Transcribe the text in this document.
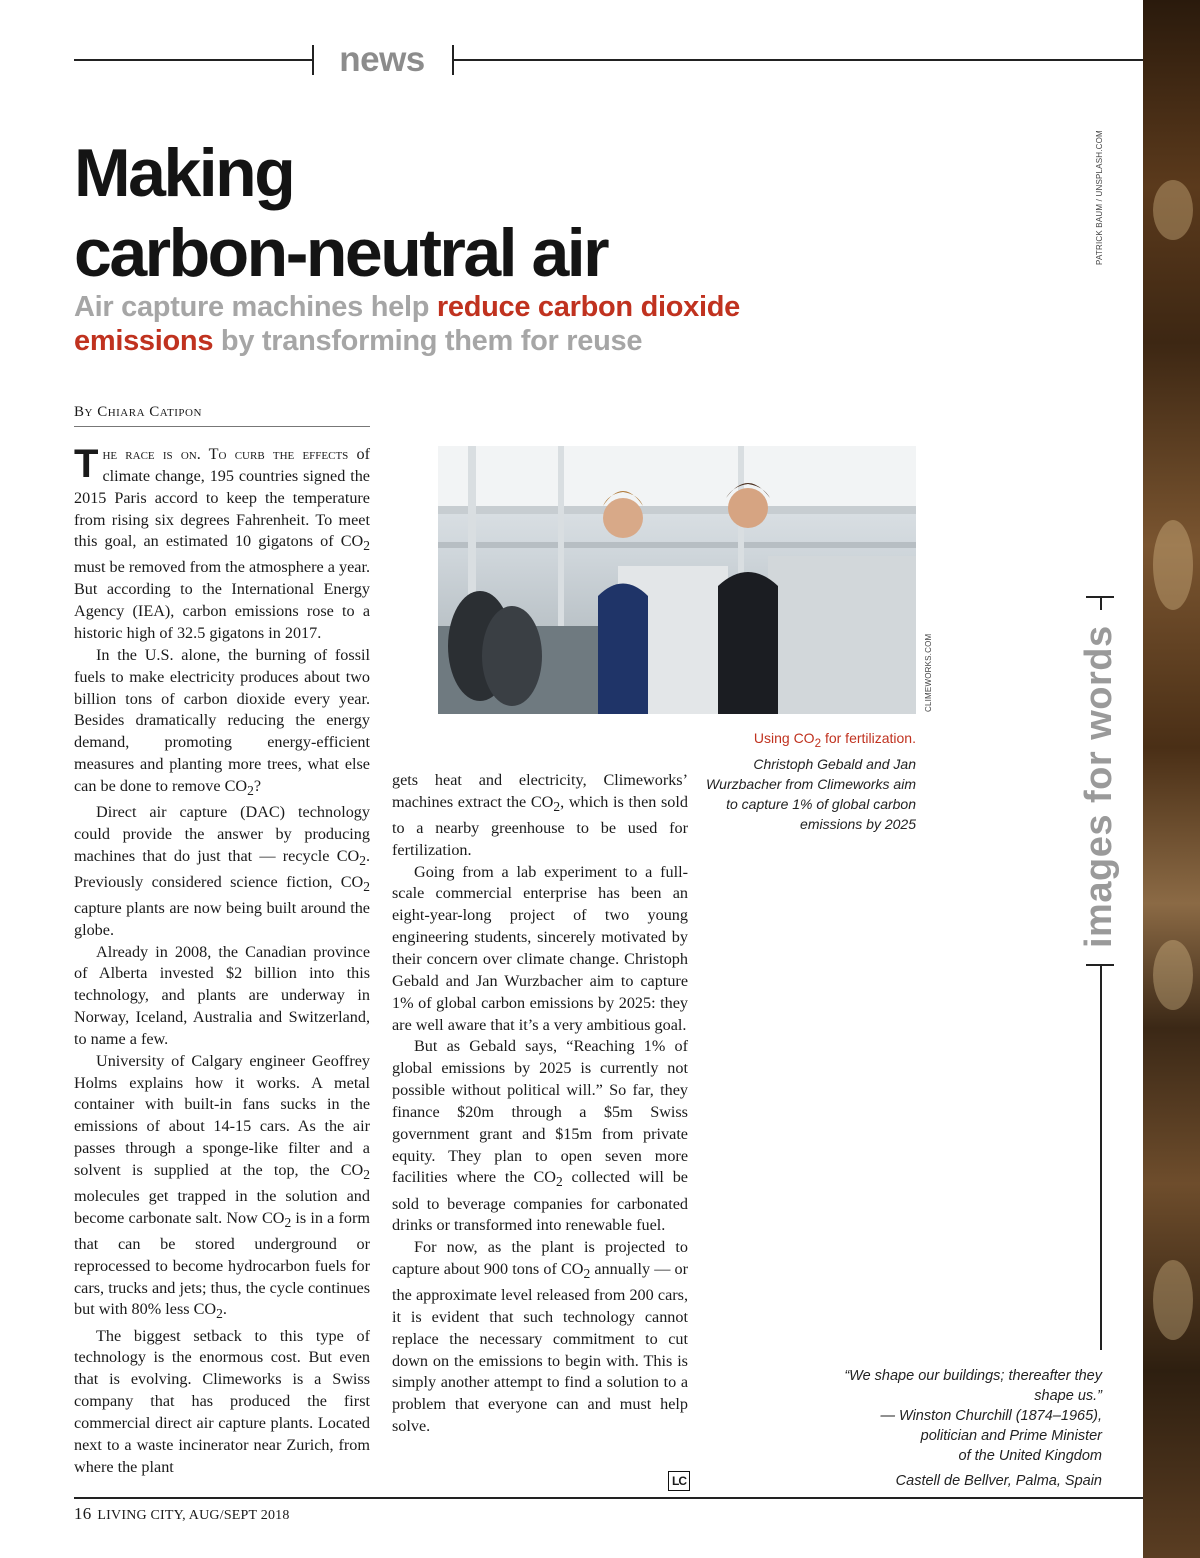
news
Making
carbon-neutral air
Air capture machines help reduce carbon dioxide emissions by transforming them for reuse
PATRICK BAUM / UNSPLASH.COM
By Chiara Catipon

The race is on. To curb the effects of climate change, 195 countries signed the 2015 Paris accord to keep the temperature from rising six degrees Fahrenheit. To meet this goal, an estimated 10 gigatons of $CO_2$ must be removed from the atmosphere a year. But according to the International Energy Agency (IEA), carbon emissions rose to a historic high of 32.5 gigatons in 2017.

In the U.S. alone, the burning of fossil fuels to make electricity produces about two billion tons of carbon dioxide every year. Besides dramatically reducing the energy demand, promoting energy-efficient measures and planting more trees, what else can be done to remove $CO_2$?

Direct air capture (DAC) technology could provide the answer by producing machines that do just that — recycle $CO_2$. Previously considered science fiction, $CO_2$ capture plants are now being built around the globe.

Already in 2008, the Canadian province of Alberta invested $2 billion into this technology, and plants are underway in Norway, Iceland, Australia and Switzerland, to name a few.

University of Calgary engineer Geoffrey Holms explains how it works. A metal container with built-in fans sucks in the emissions of about 14-15 cars. As the air passes through a sponge-like filter and a solvent is supplied at the top, the $CO_2$ molecules get trapped in the solution and become carbonate salt. Now $CO_2$ is in a form that can be stored underground or reprocessed to become hydrocarbon fuels for cars, trucks and jets; thus, the cycle continues but with 80% less $CO_2$.

The biggest setback to this type of technology is the enormous cost. But even that is evolving. Climeworks is a Swiss company that has produced the first commercial direct air capture plants. Located next to a waste incinerator near Zurich, from where the plant

CLIMEWORKS.COM
Using $CO_2$ for fertilization.
Christoph Gebald and Jan Wurzbacher from Climeworks aim to capture 1% of global carbon emissions by 2025

gets heat and electricity, Climeworks’ machines extract the $CO_2$, which is then sold to a nearby greenhouse to be used for fertilization.

Going from a lab experiment to a full-scale commercial enterprise has been an eight-year-long project of two young engineering students, sincerely motivated by their concern over climate change. Christoph Gebald and Jan Wurzbacher aim to capture 1% of global carbon emissions by 2025: they are well aware that it’s a very ambitious goal.

But as Gebald says, “Reaching 1% of global emissions by 2025 is currently not possible without political will.” So far, they finance $20m through a $5m Swiss government grant and $15m from private equity. They plan to open seven more facilities where the $CO_2$ collected will be sold to beverage companies for carbonated drinks or transformed into renewable fuel.

For now, as the plant is projected to capture about 900 tons of $CO_2$ annually — or the approximate level released from 200 cars, it is evident that such technology cannot replace the necessary commitment to cut down on the emissions to begin with. This is simply another attempt to find a solution to a problem that everyone can and must help solve.

LC
images for words
“We shape our buildings; thereafter they shape us.”
— Winston Churchill (1874–1965),
politician and Prime Minister
of the United Kingdom
Castell de Bellver, Palma, Spain
16 LIVING CITY, AUG/SEPT 2018
